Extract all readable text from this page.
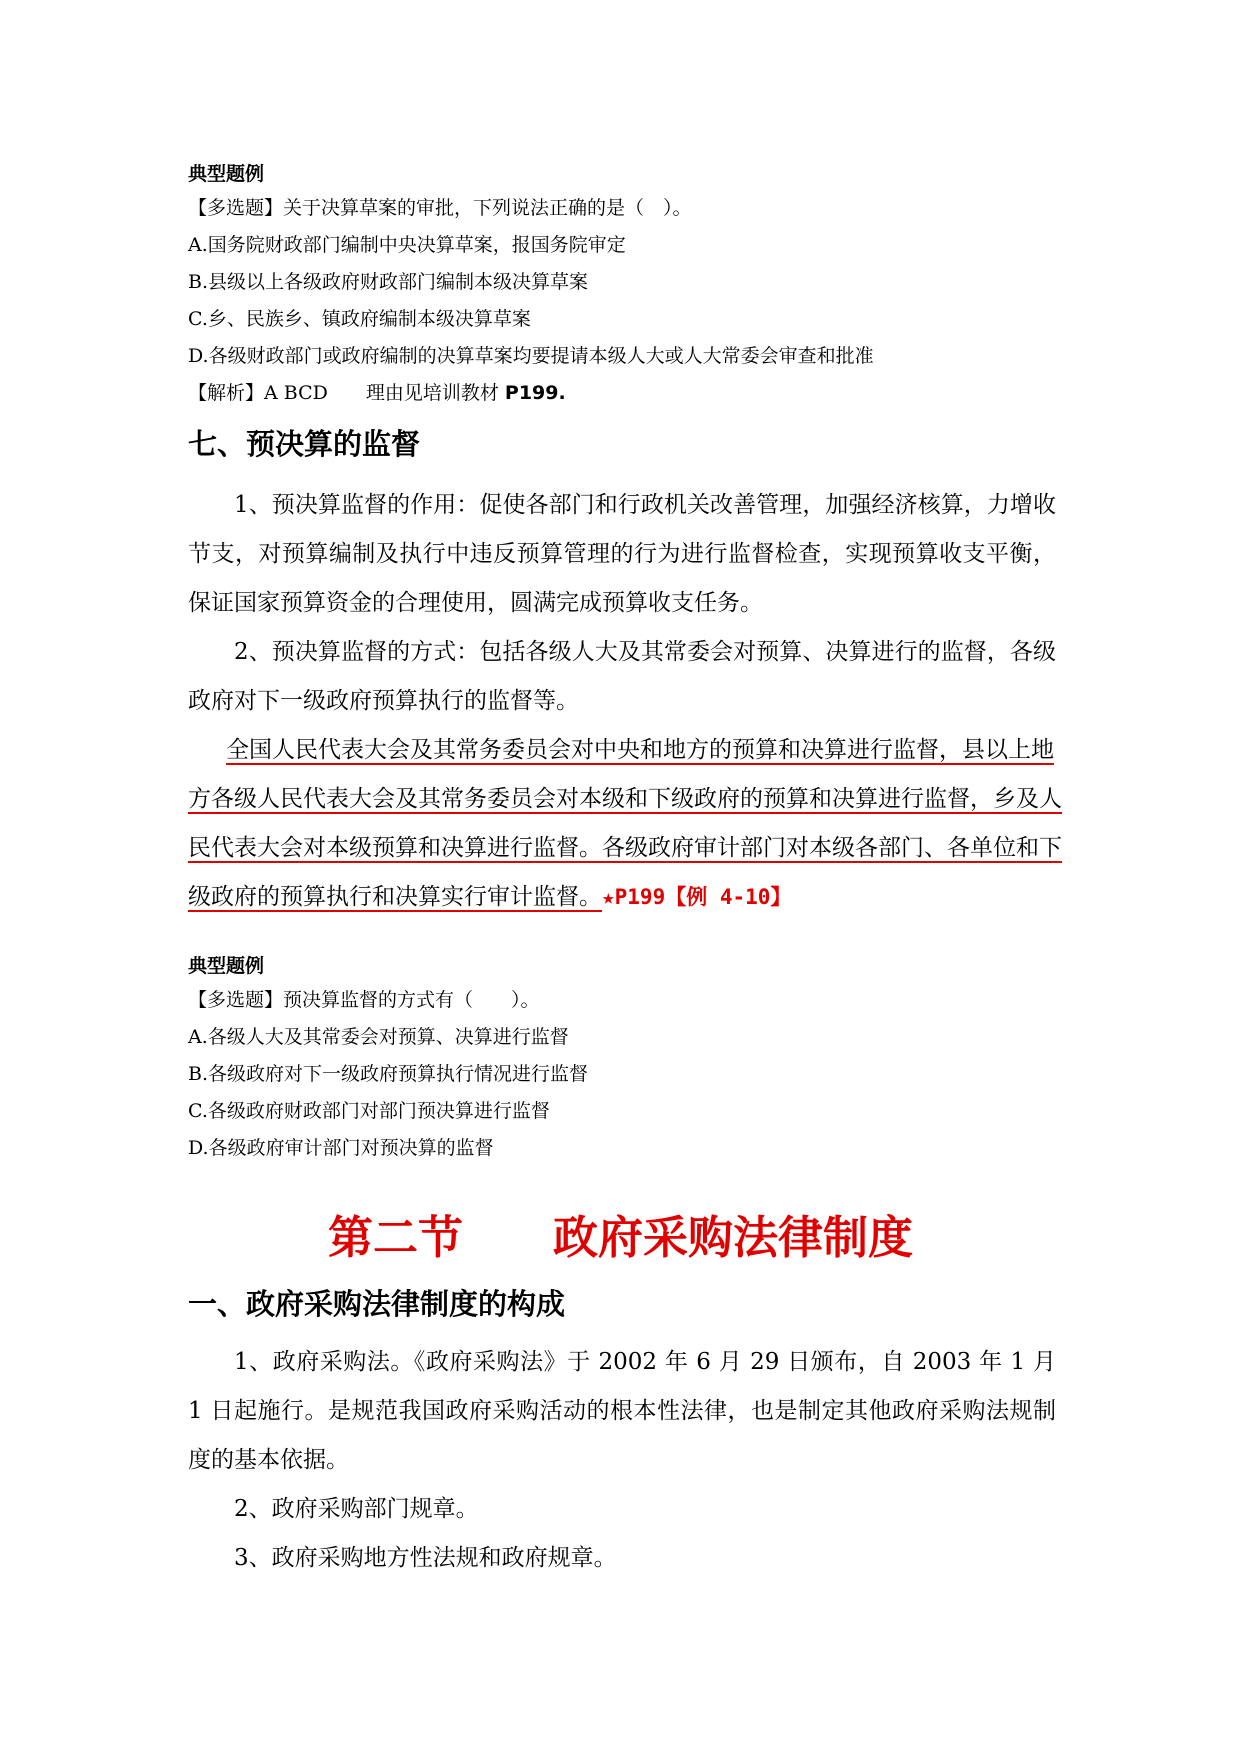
典型题例
【多选题】关于决算草案的审批，下列说法正确的是（　）。
A.国务院财政部门编制中央决算草案，报国务院审定
B.县级以上各级政府财政部门编制本级决算草案
C.乡、民族乡、镇政府编制本级决算草案
D.各级财政部门或政府编制的决算草案均要提请本级人大或人大常委会审查和批准
【解析】A BCD　　理由见培训教材 P199.
七、预决算的监督
1、预决算监督的作用：促使各部门和行政机关改善管理，加强经济核算，力增收节支，对预算编制及执行中违反预算管理的行为进行监督检查，实现预算收支平衡，保证国家预算资金的合理使用，圆满完成预算收支任务。
2、预决算监督的方式：包括各级人大及其常委会对预算、决算进行的监督，各级政府对下一级政府预算执行的监督等。
全国人民代表大会及其常务委员会对中央和地方的预算和决算进行监督，县以上地方各级人民代表大会及其常务委员会对本级和下级政府的预算和决算进行监督，乡及人民代表大会对本级预算和决算进行监督。各级政府审计部门对本级各部门、各单位和下级政府的预算执行和决算实行审计监督。★P199【例 4-10】
典型题例
【多选题】预决算监督的方式有（　　）。
A.各级人大及其常委会对预算、决算进行监督
B.各级政府对下一级政府预算执行情况进行监督
C.各级政府财政部门对部门预决算进行监督
D.各级政府审计部门对预决算的监督
第二节　　政府采购法律制度
一、政府采购法律制度的构成
1、政府采购法。《政府采购法》于 2002 年 6 月 29 日颁布，自 2003 年 1 月 1 日起施行。是规范我国政府采购活动的根本性法律，也是制定其他政府采购法规制度的基本依据。
2、政府采购部门规章。
3、政府采购地方性法规和政府规章。
